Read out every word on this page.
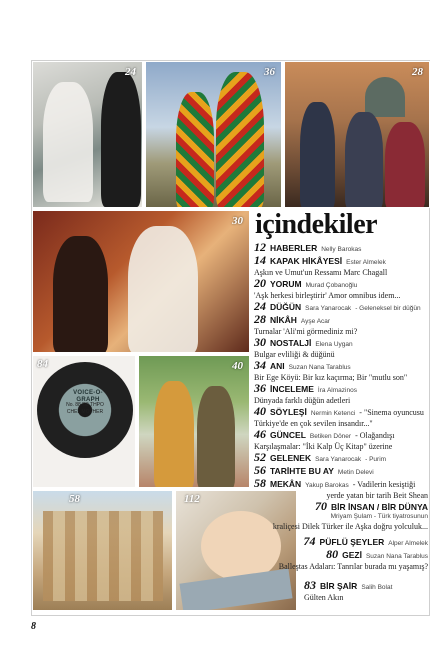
24	36	28
30
VOICE-O-GRAPH
No. 88 '50 THPO CHEL MOTHER
84	40
58	112
içindekiler
12 HABERLER Nelly Barokas
14 KAPAK HİKÂYESİ Ester Almelek
Aşkın ve Umut'un Ressamı Marc Chagall
20 YORUM Murad Çobanoğlu
'Aşk herkesi birleştirir' Amor omnibus idem...
24 DÜĞÜN Sara Yanarocak - Geleneksel bir düğün
28 NİKÂH Ayşe Acar
Turnalar 'Ali'mi görmediniz mi?
30 NOSTALJİ Elena Uygan
Bulgar evliliği & düğünü
34 ANI Suzan Nana Tarablus
Bir Ege Köyü: Bir kız kaçırma; Bir "mutlu son"
36 İNCELEME İra Almazinos
Dünyada farklı düğün adetleri
40 SÖYLEŞİ Nermin Ketenci - "Sinema oyuncusu
Türkiye'de en çok sevilen insandır..."
46 GÜNCEL Betiken Döner - Olağandışı
Karşılaşmalar: "İki Kalp Üç Kitap" üzerine
52 GELENEK Sara Yanarocak - Purim
56 TARİHTE BU AY Metin Delevi
58 MEKÂN Yakup Barokas - Vadilerin kesiştiği
yerde yatan bir tarih Beit Shean
70 BİR İNSAN / BİR DÜNYA
Mriyam Şulam - Türk tiyatrosunun
kraliçesi Dilek Türker ile Aşka doğru yolculuk...
74 PÜFLÜ ŞEYLER Alper Almelek
80 GEZİ Suzan Nana Tarablus
Balleştas Adaları: Tanrılar burada mı yaşamış?
83 BİR ŞAİR Salih Bolat
Gülten Akın
8
